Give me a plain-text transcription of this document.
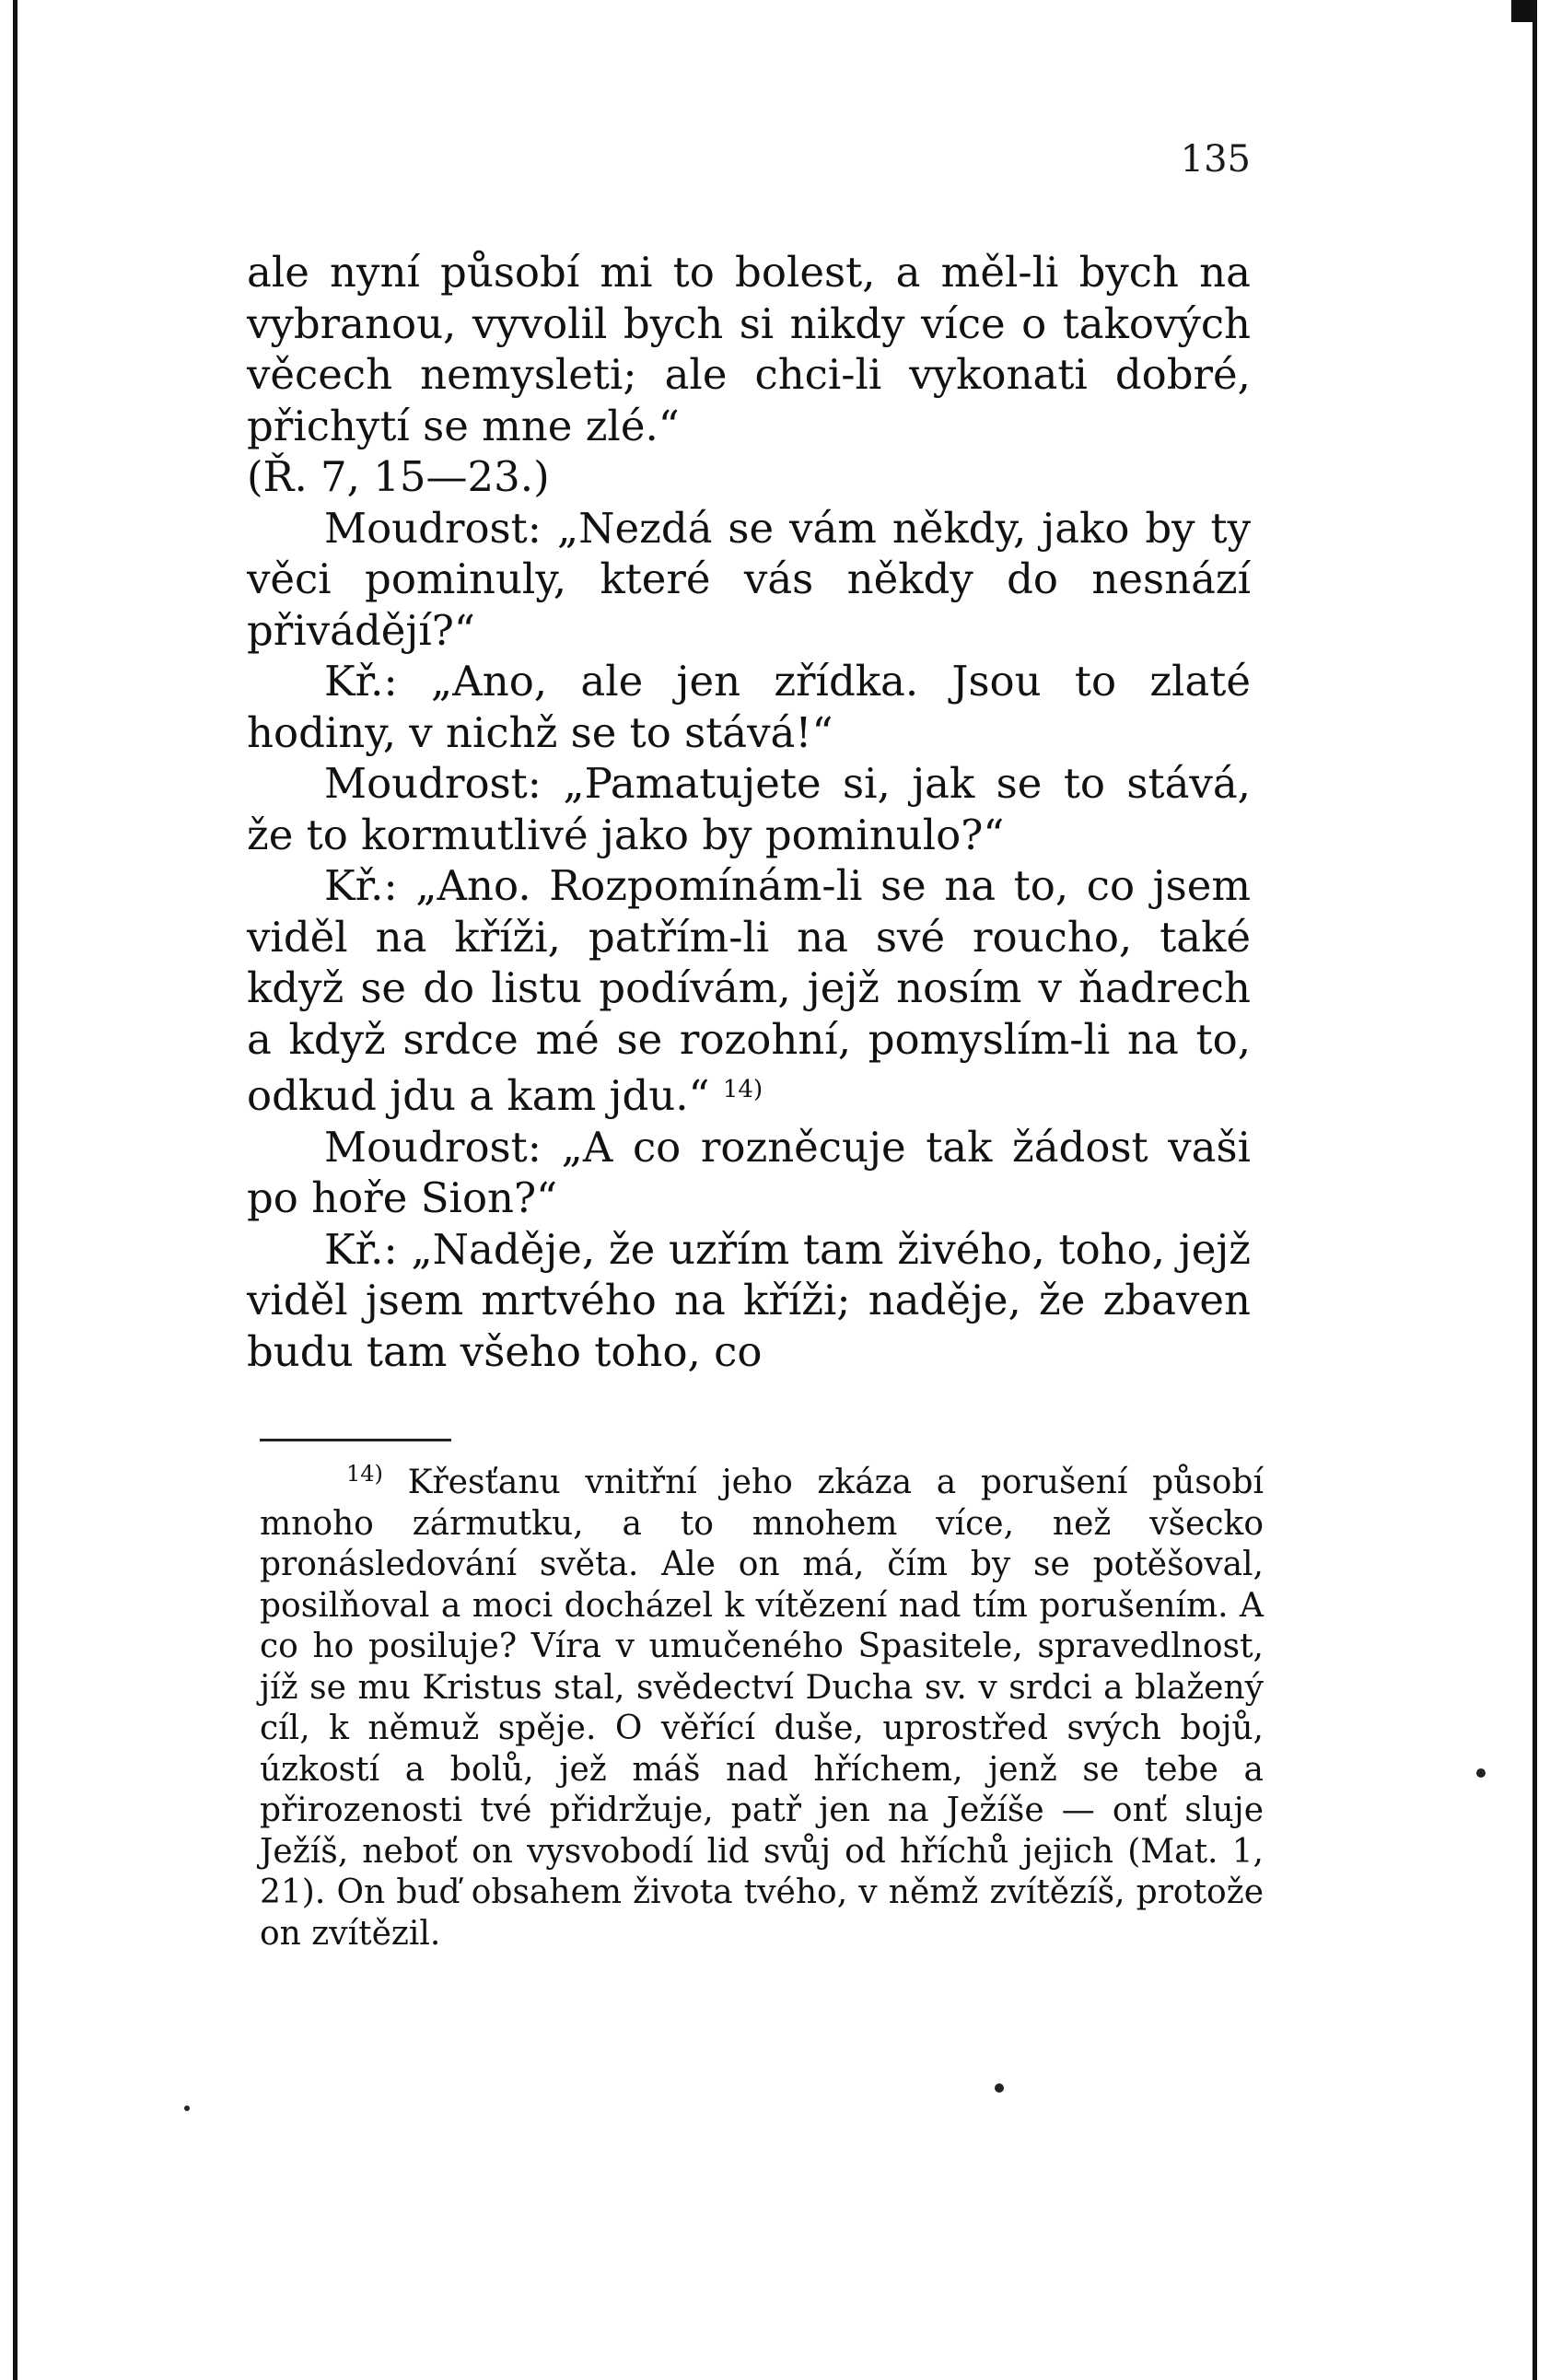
135

ale nyní působí mi to bolest, a měl-li bych na vybranou, vyvolil bych si nikdy více o takových věcech nemysleti; ale chci-li vykonati dobré, přichytí se mne zlé.“

(Ř. 7, 15—23.)

Moudrost: „Nezdá se vám někdy, jako by ty věci pominuly, které vás někdy do nesnází přivádějí?“

Kř.: „Ano, ale jen zřídka. Jsou to zlaté hodiny, v nichž se to stává!“

Moudrost: „Pamatujete si, jak se to stává, že to kormutlivé jako by pominulo?“

Kř.: „Ano. Rozpomínám-li se na to, co jsem viděl na kříži, patřím-li na své roucho, také když se do listu podívám, jejž nosím v ňadrech a když srdce mé se rozohní, pomyslím-li na to, odkud jdu a kam jdu.“ $^{14)}$

Moudrost: „A co rozněcuje tak žádost vaši po hoře Sion?“

Kř.: „Naděje, že uzřím tam živého, toho, jejž viděl jsem mrtvého na kříži; naděje, že zbaven budu tam všeho toho, co

$^{14)}$ Křesťanu vnitřní jeho zkáza a porušení působí mnoho zármutku, a to mnohem více, než všecko pronásledování světa. Ale on má, čím by se potěšoval, posilňoval a moci docházel k vítězení nad tím porušením. A co ho posiluje? Víra v umučeného Spasitele, spravedlnost, jíž se mu Kristus stal, svědectví Ducha sv. v srdci a blažený cíl, k němuž spěje. O věřící duše, uprostřed svých bojů, úzkostí a bolů, jež máš nad hříchem, jenž se tebe a přirozenosti tvé přidržuje, patř jen na Ježíše — onť sluje Ježíš, neboť on vysvobodí lid svůj od hříchů jejich (Mat. 1, 21). On buď obsahem života tvého, v němž zvítězíš, protože on zvítězil.
